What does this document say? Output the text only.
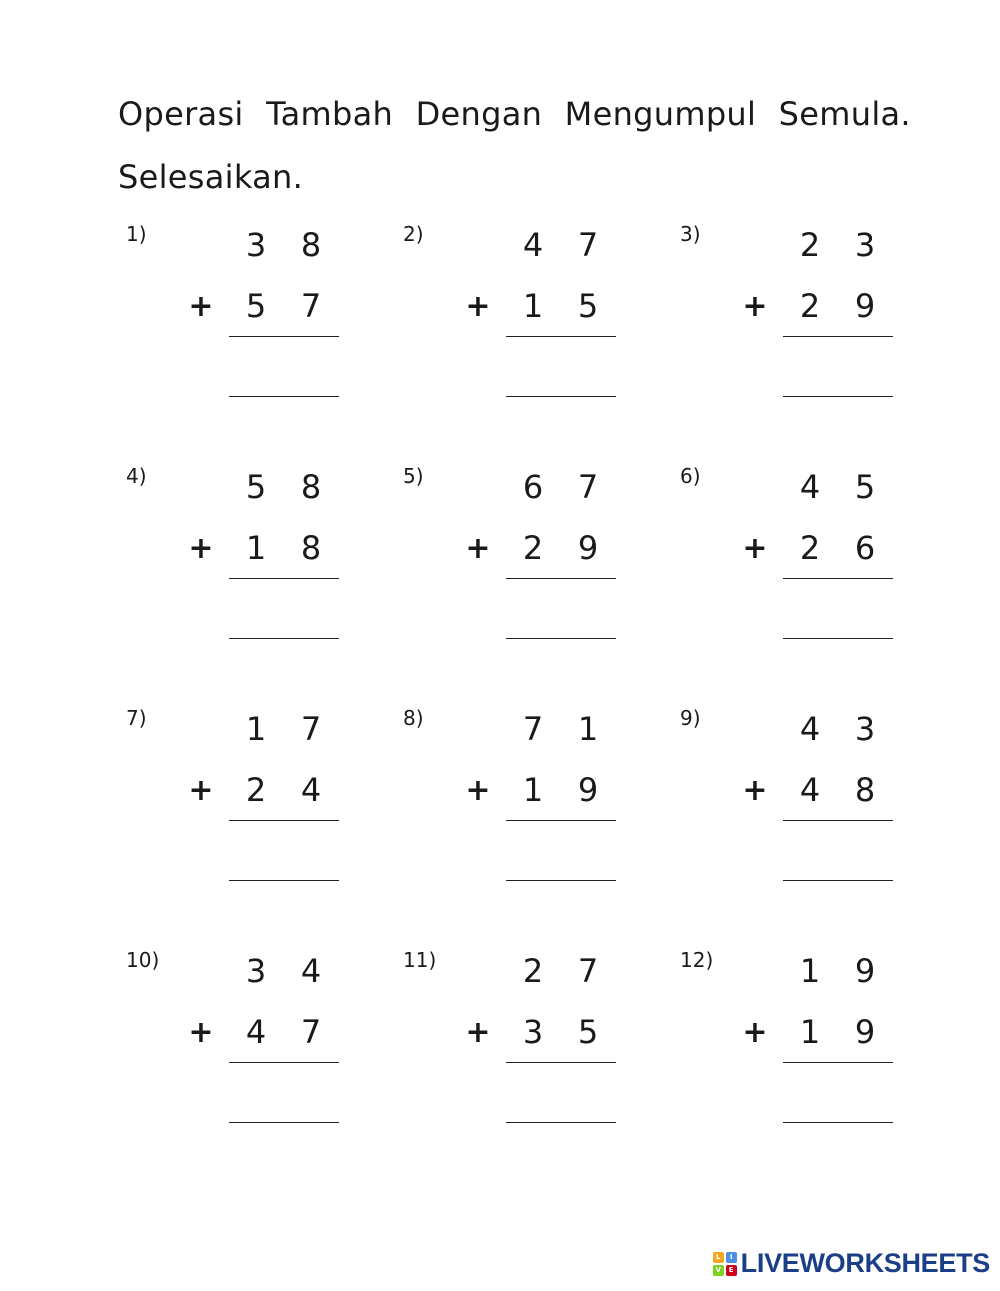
Operasi Tambah Dengan Mengumpul Semula.
Selesaikan.
1)	3 8
+ 5 7
2)	4 7
+ 1 5
3)	2 3
+ 2 9
4)	5 8
+ 1 8
5)	6 7
+ 2 9
6)	4 5
+ 2 6
7)	1 7
+ 2 4
8)	7 1
+ 1 9
9)	4 3
+ 4 8
10)	3 4
+ 4 7
11)	2 7
+ 3 5
12)	1 9
+ 1 9
L	I
V	E LIVEWORKSHEETS
